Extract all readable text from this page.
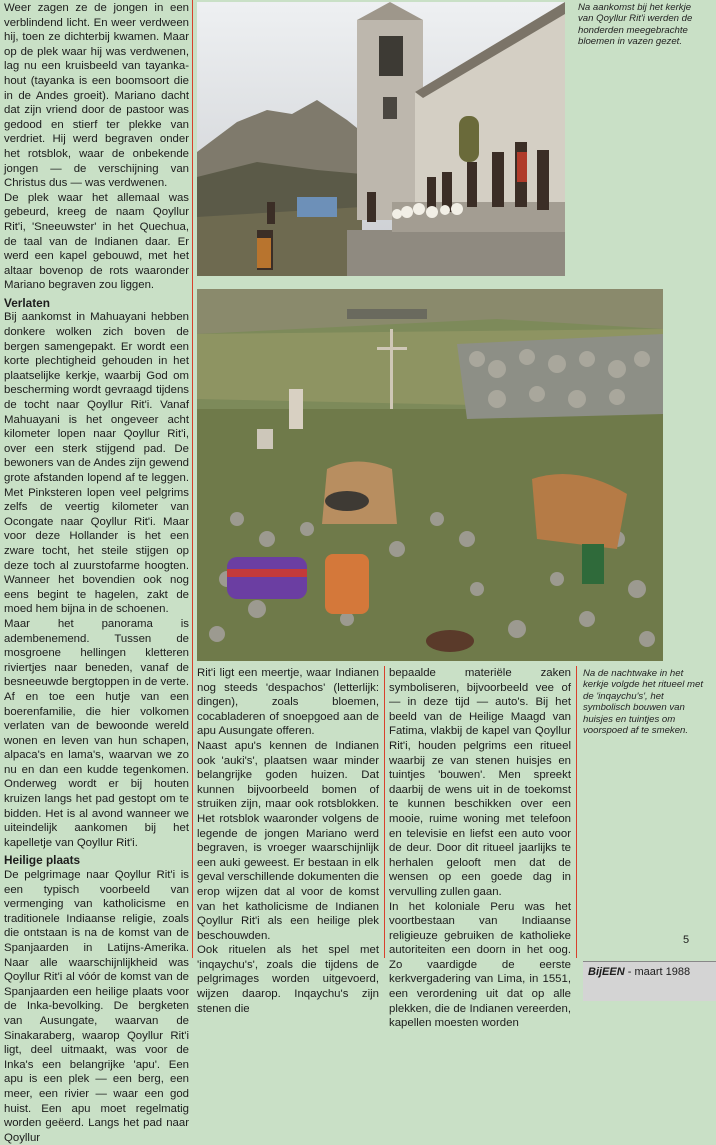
Weer zagen ze de jongen in een verblindend licht. En weer verdween hij, toen ze dichterbij kwamen. Maar op de plek waar hij was verdwenen, lag nu een kruisbeeld van tayanka-hout (tayanka is een boomsoort die in de Andes groeit). Mariano dacht dat zijn vriend door de pastoor was gedood en stierf ter plekke van verdriet. Hij werd begraven onder het rotsblok, waar de onbekende jongen — de verschijning van Christus dus — was verdwenen.

De plek waar het allemaal was gebeurd, kreeg de naam Qoyllur Rit'i, 'Sneeuwster' in het Quechua, de taal van de Indianen daar. Er werd een kapel gebouwd, met het altaar bovenop de rots waaronder Mariano begraven zou liggen.

Verlaten

Bij aankomst in Mahuayani hebben donkere wolken zich boven de bergen samengepakt. Er wordt een korte plechtigheid gehouden in het plaatselijke kerkje, waarbij God om bescherming wordt gevraagd tijdens de tocht naar Qoyllur Rit'i. Vanaf Mahuayani is het ongeveer acht kilometer lopen naar Qoyllur Rit'i, over een sterk stijgend pad. De bewoners van de Andes zijn gewend grote afstanden lopend af te leggen. Met Pinksteren lopen veel pelgrims zelfs de veertig kilometer van Ocongate naar Qoyllur Rit'i. Maar voor deze Hollander is het een zware tocht, het steile stijgen op deze toch al zuurstofarme hoogten. Wanneer het bovendien ook nog eens begint te hagelen, zakt de moed hem bijna in de schoenen.

Maar het panorama is adembenemend. Tussen de mosgroene hellingen kletteren riviertjes naar beneden, vanaf de besneeuwde bergtoppen in de verte. Af en toe een hutje van een boerenfamilie, die hier volkomen verlaten van de bewoonde wereld wonen en leven van hun schapen, alpaca's en lama's, waarvan we zo nu en dan een kudde tegenkomen. Onderweg wordt er bij houten kruizen langs het pad gestopt om te bidden. Het is al avond wanneer we uiteindelijk aankomen bij het kapelletje van Qoyllur Rit'i.

Heilige plaats

De pelgrimage naar Qoyllur Rit'i is een typisch voorbeeld van vermenging van katholicisme en traditionele Indiaanse religie, zoals die ontstaan is na de komst van de Spanjaarden in Latijns-Amerika. Naar alle waarschijnlijkheid was Qoyllur Rit'i al vóór de komst van de Spanjaarden een heilige plaats voor de Inka-bevolking. De bergketen van Ausungate, waarvan de Sinakaraberg, waarop Qoyllur Rit'i ligt, deel uitmaakt, was voor de Inka's een belangrijke 'apu'. Een apu is een plek — een berg, een meer, een rivier — waar een god huist. Een apu moet regelmatig worden geëerd. Langs het pad naar Qoyllur

Na aankomst bij het kerkje van Qoyllur Rit'i werden de honderden meegebrachte bloemen in vazen gezet.

Rit'i ligt een meertje, waar Indianen nog steeds 'despachos' (letterlijk: dingen), zoals bloemen, cocabladeren of snoepgoed aan de apu Ausungate offeren.

Naast apu's kennen de Indianen ook 'auki's', plaatsen waar minder belangrijke goden huizen. Dat kunnen bijvoorbeeld bomen of struiken zijn, maar ook rotsblokken. Het rotsblok waaronder volgens de legende de jongen Mariano werd begraven, is vroeger waarschijnlijk een auki geweest. Er bestaan in elk geval verschillende dokumenten die erop wijzen dat al voor de komst van het katholicisme de Indianen Qoyllur Rit'i als een heilige plek beschouwden.

Ook rituelen als het spel met 'inqaychu's', zoals die tijdens de pelgrimages worden uitgevoerd, wijzen daarop. Inqaychu's zijn stenen die

bepaalde materiële zaken symboliseren, bijvoorbeeld vee of — in deze tijd — auto's. Bij het beeld van de Heilige Maagd van Fatima, vlakbij de kapel van Qoyllur Rit'i, houden pelgrims een ritueel waarbij ze van stenen huisjes en tuintjes 'bouwen'. Men spreekt daarbij de wens uit in de toekomst te kunnen beschikken over een mooie, ruime woning met telefoon en televisie en liefst een auto voor de deur. Door dit ritueel jaarlijks te herhalen gelooft men dat de wensen op een goede dag in vervulling zullen gaan.

In het koloniale Peru was het voortbestaan van Indiaanse religieuze gebruiken de katholieke autoriteiten een doorn in het oog. Zo vaardigde de eerste kerkvergadering van Lima, in 1551, een verordening uit dat op alle plekken, die de Indianen vereerden, kapellen moesten worden

Na de nachtwake in het kerkje volgde het ritueel met de 'inqaychu's', het symbolisch bouwen van huisjes en tuintjes om voorspoed af te smeken.
5
BijEEN - maart 1988
